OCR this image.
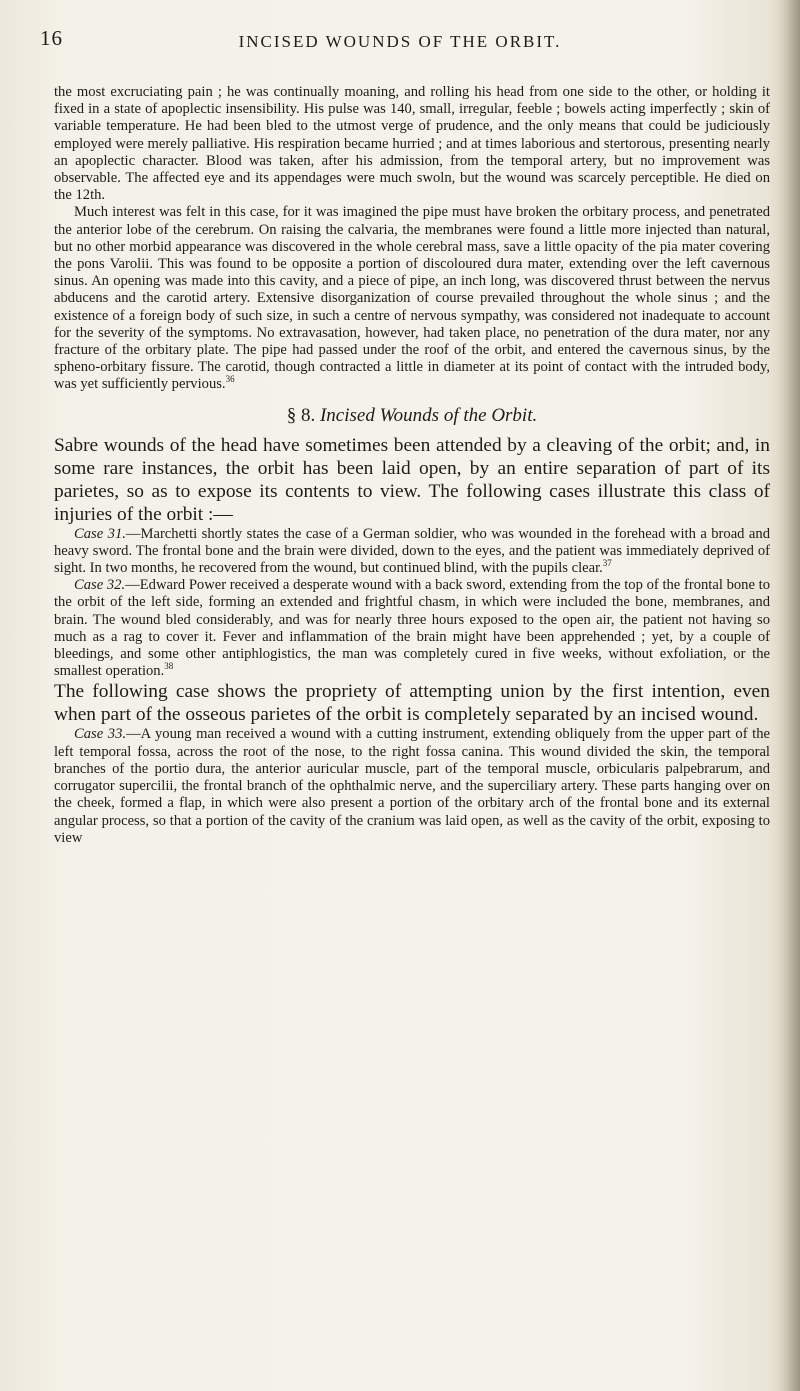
16	INCISED WOUNDS OF THE ORBIT.

the most excruciating pain ; he was continually moaning, and rolling his head from one side to the other, or holding it fixed in a state of apoplectic insensibility. His pulse was 140, small, irregular, feeble ; bowels acting imperfectly ; skin of variable temperature. He had been bled to the utmost verge of prudence, and the only means that could be judiciously employed were merely palliative. His respiration became hurried ; and at times laborious and stertorous, presenting nearly an apoplectic character. Blood was taken, after his admission, from the temporal artery, but no improvement was observable. The affected eye and its appendages were much swoln, but the wound was scarcely perceptible. He died on the 12th.

Much interest was felt in this case, for it was imagined the pipe must have broken the orbitary process, and penetrated the anterior lobe of the cerebrum. On raising the calvaria, the membranes were found a little more injected than natural, but no other morbid appearance was discovered in the whole cerebral mass, save a little opacity of the pia mater covering the pons Varolii. This was found to be opposite a portion of discoloured dura mater, extending over the left cavernous sinus. An opening was made into this cavity, and a piece of pipe, an inch long, was discovered thrust between the nervus abducens and the carotid artery. Extensive disorganization of course prevailed throughout the whole sinus ; and the existence of a foreign body of such size, in such a centre of nervous sympathy, was considered not inadequate to account for the severity of the symptoms. No extravasation, however, had taken place, no penetration of the dura mater, nor any fracture of the orbitary plate. The pipe had passed under the roof of the orbit, and entered the cavernous sinus, by the spheno-orbitary fissure. The carotid, though contracted a little in diameter at its point of contact with the intruded body, was yet sufficiently pervious.$^{36}$

§ 8. Incised Wounds of the Orbit.

Sabre wounds of the head have sometimes been attended by a cleaving of the orbit; and, in some rare instances, the orbit has been laid open, by an entire separation of part of its parietes, so as to expose its contents to view. The following cases illustrate this class of injuries of the orbit :—

Case 31.—Marchetti shortly states the case of a German soldier, who was wounded in the forehead with a broad and heavy sword. The frontal bone and the brain were divided, down to the eyes, and the patient was immediately deprived of sight. In two months, he recovered from the wound, but continued blind, with the pupils clear.$^{37}$

Case 32.—Edward Power received a desperate wound with a back sword, extending from the top of the frontal bone to the orbit of the left side, forming an extended and frightful chasm, in which were included the bone, membranes, and brain. The wound bled considerably, and was for nearly three hours exposed to the open air, the patient not having so much as a rag to cover it. Fever and inflammation of the brain might have been apprehended ; yet, by a couple of bleedings, and some other antiphlogistics, the man was completely cured in five weeks, without exfoliation, or the smallest operation.$^{38}$

The following case shows the propriety of attempting union by the first intention, even when part of the osseous parietes of the orbit is completely separated by an incised wound.

Case 33.—A young man received a wound with a cutting instrument, extending obliquely from the upper part of the left temporal fossa, across the root of the nose, to the right fossa canina. This wound divided the skin, the temporal branches of the portio dura, the anterior auricular muscle, part of the temporal muscle, orbicularis palpebrarum, and corrugator supercilii, the frontal branch of the ophthalmic nerve, and the superciliary artery. These parts hanging over on the cheek, formed a flap, in which were also present a portion of the orbitary arch of the frontal bone and its external angular process, so that a portion of the cavity of the cranium was laid open, as well as the cavity of the orbit, exposing to view
